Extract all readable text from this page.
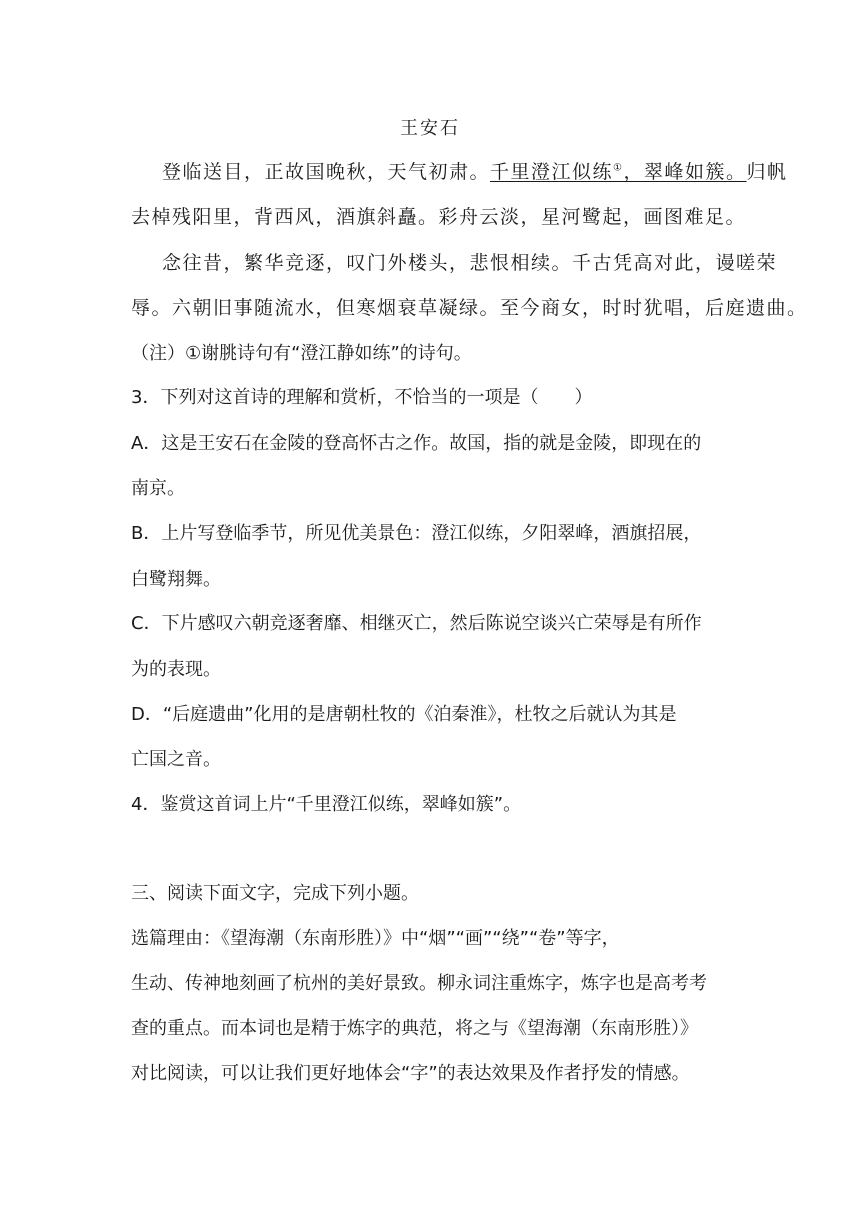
王安石
登临送目，正故国晚秋，天气初肃。千里澄江似练①，翠峰如簇。归帆
去棹残阳里，背西风，酒旗斜矗。彩舟云淡，星河鹭起，画图难足。
念往昔，繁华竞逐，叹门外楼头，悲恨相续。千古凭高对此，谩嗟荣
辱。六朝旧事随流水，但寒烟衰草凝绿。至今商女，时时犹唱，后庭遗曲。
（注）①谢朓诗句有“澄江静如练”的诗句。
3．下列对这首诗的理解和赏析，不恰当的一项是（　　）
A．这是王安石在金陵的登高怀古之作。故国，指的就是金陵，即现在的
南京。
B．上片写登临季节，所见优美景色：澄江似练，夕阳翠峰，酒旗招展，
白鹭翔舞。
C．下片感叹六朝竞逐奢靡、相继灭亡，然后陈说空谈兴亡荣辱是有所作
为的表现。
D．“后庭遗曲”化用的是唐朝杜牧的《泊秦淮》，杜牧之后就认为其是
亡国之音。
4．鉴赏这首词上片“千里澄江似练，翠峰如簇”。
三、阅读下面文字，完成下列小题。
选篇理由：《望海潮（东南形胜）》中“烟”“画”“绕”“卷”等字，
生动、传神地刻画了杭州的美好景致。柳永词注重炼字，炼字也是高考考
查的重点。而本词也是精于炼字的典范，将之与《望海潮（东南形胜）》
对比阅读，可以让我们更好地体会“字”的表达效果及作者抒发的情感。
